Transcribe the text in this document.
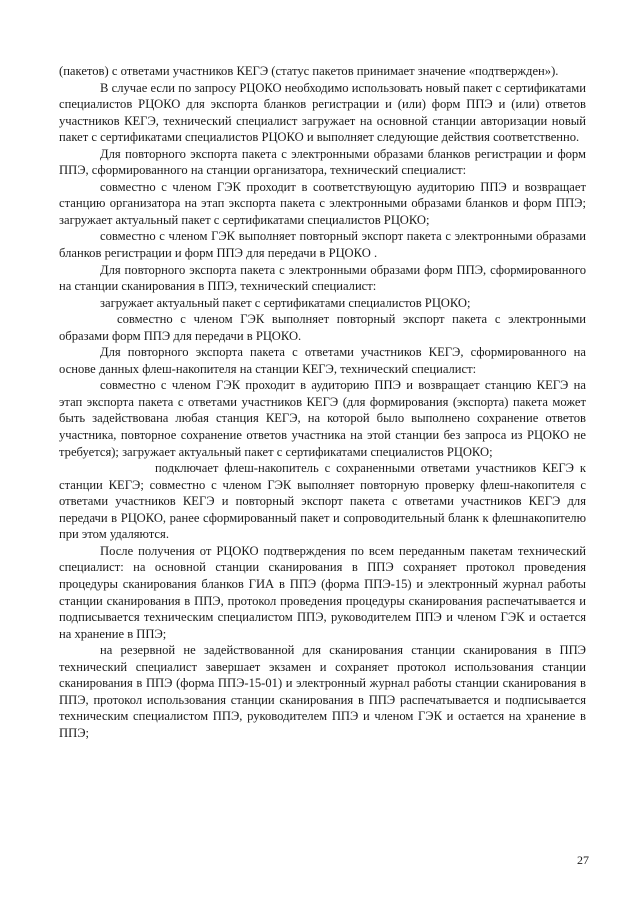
(пакетов) с ответами участников КЕГЭ (статус пакетов принимает значение «подтвержден»).

В случае если по запросу РЦОКО необходимо использовать новый пакет с сертификатами специалистов РЦОКО для экспорта бланков регистрации и (или) форм ППЭ и (или) ответов участников КЕГЭ, технический специалист загружает на основной станции авторизации новый пакет с сертификатами специалистов РЦОКО и выполняет следующие действия соответственно.

Для повторного экспорта пакета с электронными образами бланков регистрации и форм ППЭ, сформированного на станции организатора, технический специалист:

совместно с членом ГЭК проходит в соответствующую аудиторию ППЭ и возвращает станцию организатора на этап экспорта пакета с электронными образами бланков и форм ППЭ; загружает актуальный пакет с сертификатами специалистов РЦОКО;

совместно с членом ГЭК выполняет повторный экспорт пакета с электронными образами бланков регистрации и форм ППЭ для передачи в РЦОКО .

Для повторного экспорта пакета с электронными образами форм ППЭ, сформированного на станции сканирования в ППЭ, технический специалист:

загружает актуальный пакет с сертификатами специалистов РЦОКО;

совместно с членом ГЭК выполняет повторный экспорт пакета с электронными образами форм ППЭ для передачи в РЦОКО.

Для повторного экспорта пакета с ответами участников КЕГЭ, сформированного на основе данных флеш-накопителя на станции КЕГЭ, технический специалист:

совместно с членом ГЭК проходит в аудиторию ППЭ и возвращает станцию КЕГЭ на этап экспорта пакета с ответами участников КЕГЭ (для формирования (экспорта) пакета может быть задействована любая станция КЕГЭ, на которой было выполнено сохранение ответов участника, повторное сохранение ответов участника на этой станции без запроса из РЦОКО не требуется); загружает актуальный пакет с сертификатами специалистов РЦОКО;

подключает флеш-накопитель с сохраненными ответами участников КЕГЭ к станции КЕГЭ; совместно с членом ГЭК выполняет повторную проверку флеш-накопителя с ответами участников КЕГЭ и повторный экспорт пакета с ответами участников КЕГЭ для передачи в РЦОКО, ранее сформированный пакет и сопроводительный бланк к флешнакопителю при этом удаляются.

После получения от РЦОКО подтверждения по всем переданным пакетам технический специалист: на основной станции сканирования в ППЭ сохраняет протокол проведения процедуры сканирования бланков ГИА в ППЭ (форма ППЭ-15) и электронный журнал работы станции сканирования в ППЭ, протокол проведения процедуры сканирования распечатывается и подписывается техническим специалистом ППЭ, руководителем ППЭ и членом ГЭК и остается на хранение в ППЭ;

на резервной не задействованной для сканирования станции сканирования в ППЭ технический специалист завершает экзамен и сохраняет протокол использования станции сканирования в ППЭ (форма ППЭ-15-01) и электронный журнал работы станции сканирования в ППЭ, протокол использования станции сканирования в ППЭ распечатывается и подписывается техническим специалистом ППЭ, руководителем ППЭ и членом ГЭК и остается на хранение в ППЭ;

27
